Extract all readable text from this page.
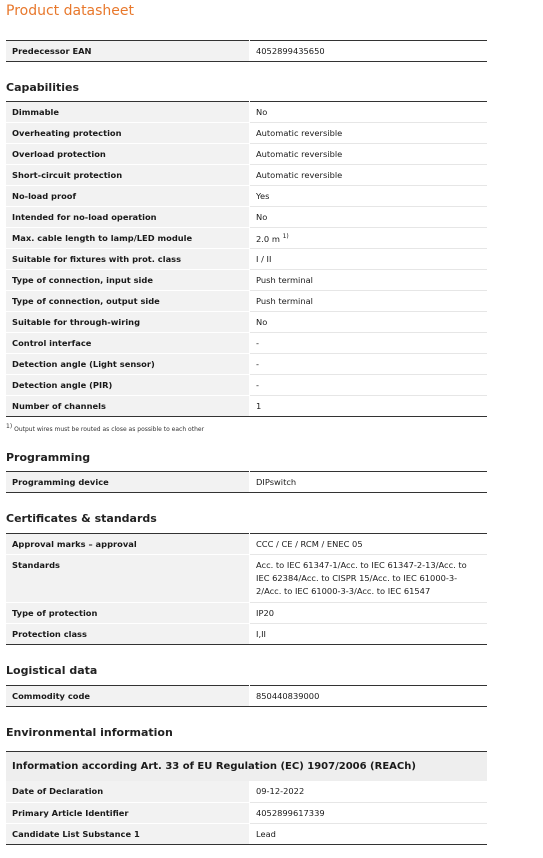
Product datasheet
Predecessor EAN	4052899435650
Capabilities
Dimmable	No
Overheating protection	Automatic reversible
Overload protection	Automatic reversible
Short-circuit protection	Automatic reversible
No-load proof	Yes
Intended for no-load operation	No
Max. cable length to lamp/LED module	2.0 m $^{1)}$
Suitable for fixtures with prot. class	I / II
Type of connection, input side	Push terminal
Type of connection, output side	Push terminal
Suitable for through-wiring	No
Control interface	-
Detection angle (Light sensor)	-
Detection angle (PIR)	-
Number of channels	1
$^{1)}$ Output wires must be routed as close as possible to each other
Programming
Programming device	DIPswitch
Certificates & standards
Approval marks – approval	CCC / CE / RCM / ENEC 05
Standards	Acc. to IEC 61347-1/Acc. to IEC 61347-2-13/Acc. to
IEC 62384/Acc. to CISPR 15/Acc. to IEC 61000-3-
2/Acc. to IEC 61000-3-3/Acc. to IEC 61547

Type of protection	IP20
Protection class	I,II
Logistical data
Commodity code	850440839000
Environmental information
Information according Art. 33 of EU Regulation (EC) 1907/2006 (REACh)
Date of Declaration	09-12-2022
Primary Article Identifier	4052899617339
Candidate List Substance 1	Lead
